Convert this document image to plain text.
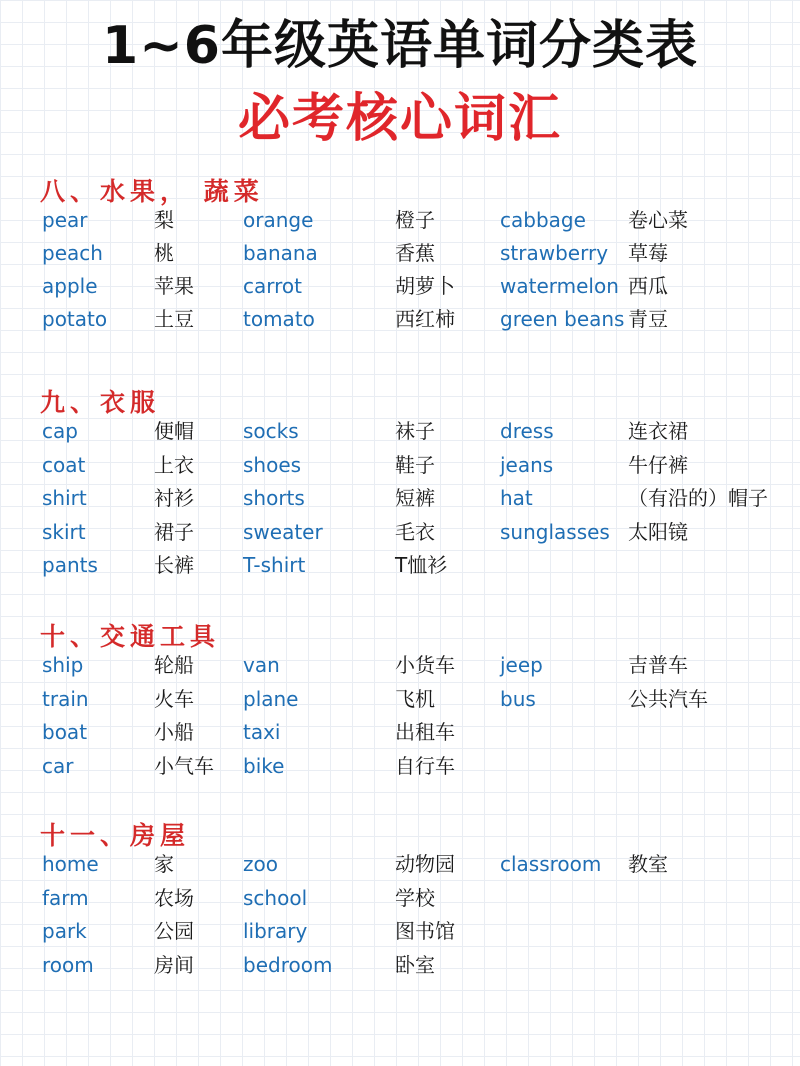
1~6年级英语单词分类表
必考核心词汇
八、水果， 蔬菜
pear	梨	orange	橙子	cabbage 卷心菜
peach	桃	banana	香蕉	strawberry 草莓
apple	苹果 carrot	胡萝卜 watermelon 西瓜
potato 土豆 tomato	西红柿 green beans 青豆
九、衣服
cap	便帽 socks	袜子	dress	连衣裙
coat	上衣 shoes	鞋子	jeans	牛仔裤
shirt	衬衫 shorts	短裤	hat	（有沿的）帽子
skirt	裙子 sweater	毛衣	sunglasses 太阳镜
pants	长裤 T-shirt	T恤衫
十、交通工具
ship	轮船 van	小货车 jeep	吉普车
train	火车 plane	飞机	bus	公共汽车
boat	小船 taxi	出租车
car	小气车 bike	自行车
十一、房屋
home	家	zoo	动物园 classroom 教室
farm	农场 school	学校
park	公园 library	图书馆
room	房间 bedroom	卧室
